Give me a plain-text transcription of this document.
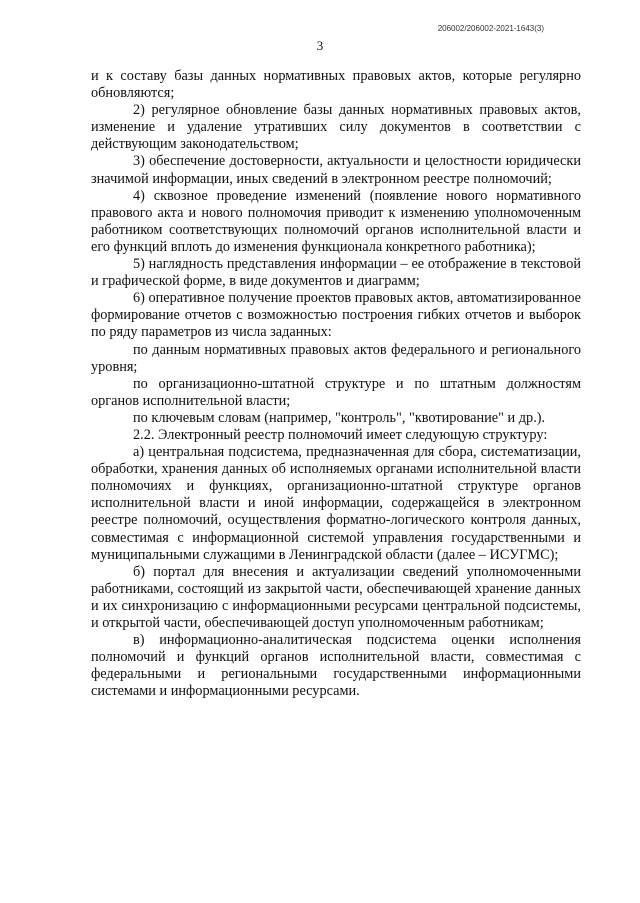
206002/206002-2021-1643(3)
3

и к составу базы данных нормативных правовых актов, которые регулярно обновляются;

2) регулярное обновление базы данных нормативных правовых актов, изменение и удаление утративших силу документов в соответствии с действующим законодательством;

3) обеспечение достоверности, актуальности и целостности юридически значимой информации, иных сведений в электронном реестре полномочий;

4) сквозное проведение изменений (появление нового нормативного правового акта и нового полномочия приводит к изменению уполномоченным работником соответствующих полномочий органов исполнительной власти и его функций вплоть до изменения функционала конкретного работника);

5) наглядность представления информации – ее отображение в текстовой и графической форме, в виде документов и диаграмм;

6) оперативное получение проектов правовых актов, автоматизированное формирование отчетов с возможностью построения гибких отчетов и выборок по ряду параметров из числа заданных:

по данным нормативных правовых актов федерального и регионального уровня;

по организационно-штатной структуре и по штатным должностям органов исполнительной власти;

по ключевым словам (например, "контроль", "квотирование" и др.).

2.2. Электронный реестр полномочий имеет следующую структуру:

а) центральная подсистема, предназначенная для сбора, систематизации, обработки, хранения данных об исполняемых органами исполнительной власти полномочиях и функциях, организационно-штатной структуре органов исполнительной власти и иной информации, содержащейся в электронном реестре полномочий, осуществления форматно-логического контроля данных, совместимая с информационной системой управления государственными и муниципальными служащими в Ленинградской области (далее – ИСУГМС);

б) портал для внесения и актуализации сведений уполномоченными работниками, состоящий из закрытой части, обеспечивающей хранение данных и их синхронизацию с информационными ресурсами центральной подсистемы, и открытой части, обеспечивающей доступ уполномоченным работникам;

в) информационно-аналитическая подсистема оценки исполнения полномочий и функций органов исполнительной власти, совместимая с федеральными и региональными государственными информационными системами и информационными ресурсами.
